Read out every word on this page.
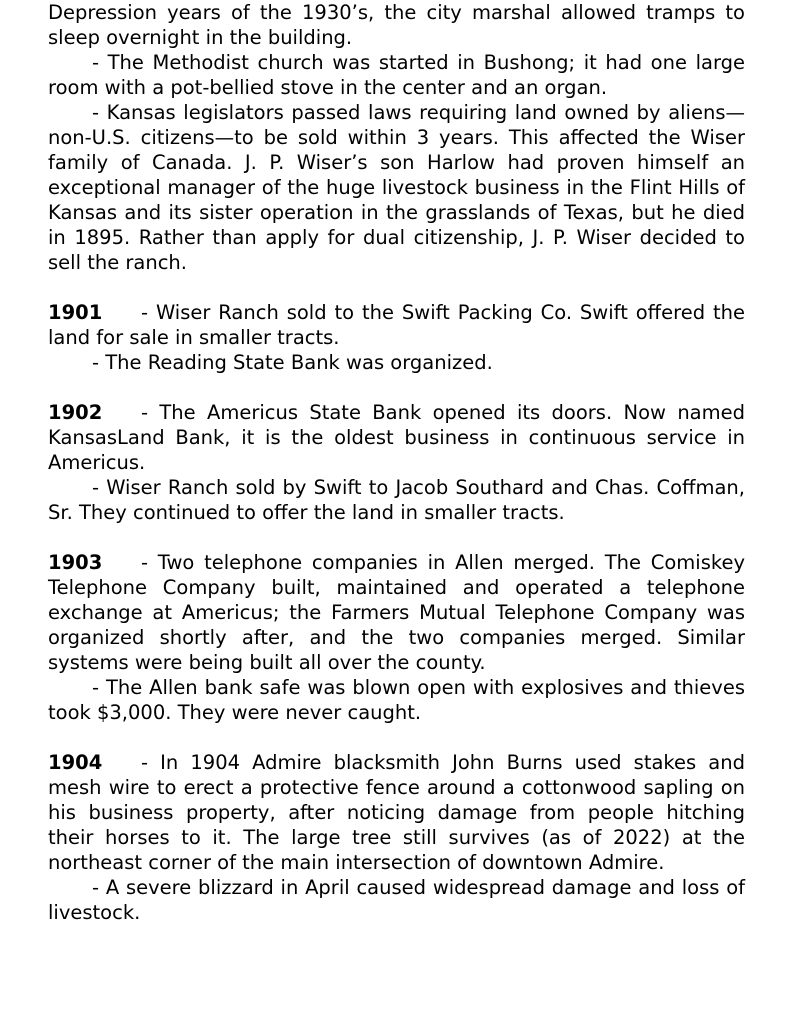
Depression years of the 1930’s, the city marshal allowed tramps to sleep overnight in the building.

- The Methodist church was started in Bushong; it had one large room with a pot-bellied stove in the center and an organ.

- Kansas legislators passed laws requiring land owned by aliens—non-U.S. citizens—to be sold within 3 years. This affected the Wiser family of Canada. J. P. Wiser’s son Harlow had proven himself an exceptional manager of the huge livestock business in the Flint Hills of Kansas and its sister operation in the grasslands of Texas, but he died in 1895. Rather than apply for dual citizenship, J. P. Wiser decided to sell the ranch.

1901 - Wiser Ranch sold to the Swift Packing Co. Swift offered the land for sale in smaller tracts.

- The Reading State Bank was organized.

1902 - The Americus State Bank opened its doors. Now named KansasLand Bank, it is the oldest business in continuous service in Americus.

- Wiser Ranch sold by Swift to Jacob Southard and Chas. Coffman, Sr. They continued to offer the land in smaller tracts.

1903 - Two telephone companies in Allen merged. The Comiskey Telephone Company built, maintained and operated a telephone exchange at Americus; the Farmers Mutual Telephone Company was organized shortly after, and the two companies merged. Similar systems were being built all over the county.

- The Allen bank safe was blown open with explosives and thieves took $3,000. They were never caught.

1904 - In 1904 Admire blacksmith John Burns used stakes and mesh wire to erect a protective fence around a cottonwood sapling on his business property, after noticing damage from people hitching their horses to it. The large tree still survives (as of 2022) at the northeast corner of the main intersection of downtown Admire.

- A severe blizzard in April caused widespread damage and loss of livestock.
